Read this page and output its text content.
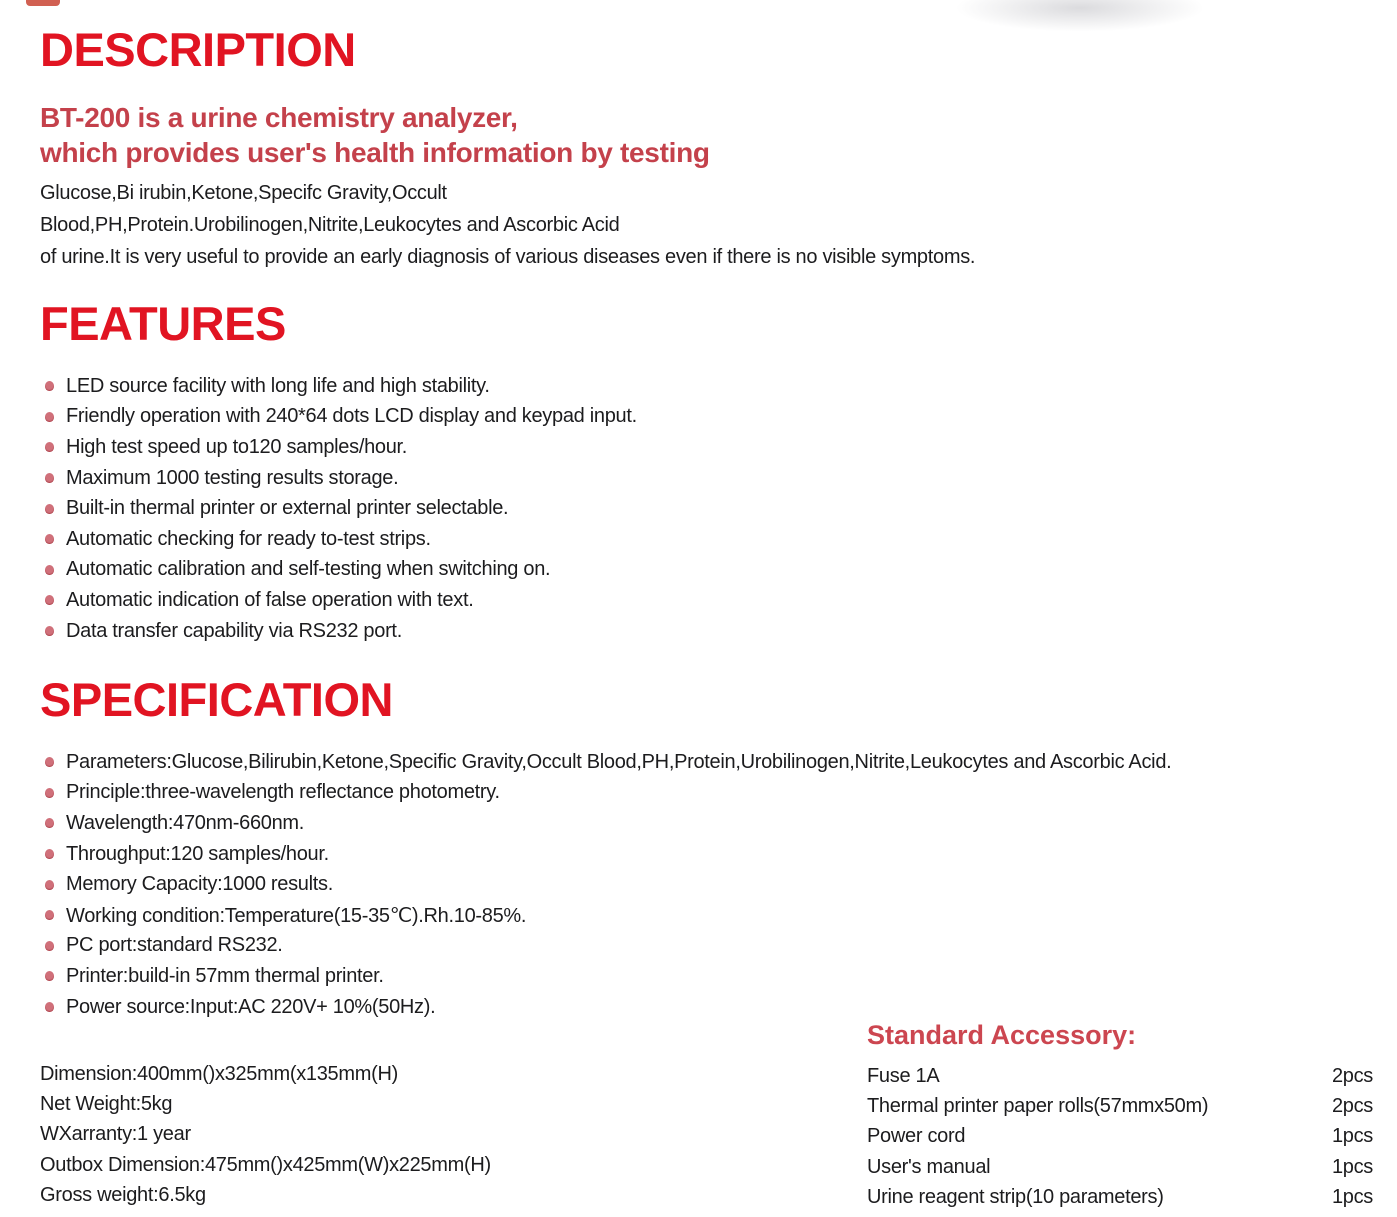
DESCRIPTION
BT-200 is a urine chemistry analyzer,
which provides user's health information by testing
Glucose,Bi irubin,Ketone,Specifc Gravity,Occult
Blood,PH,Protein.Urobilinogen,Nitrite,Leukocytes and Ascorbic Acid
of urine.It is very useful to provide an early diagnosis of various diseases even if there is no visible symptoms.
FEATURES
LED source facility with long life and high stability.
Friendly operation with 240*64 dots LCD display and keypad input.
High test speed up to120 samples/hour.
Maximum 1000 testing results storage.
Built-in thermal printer or external printer selectable.
Automatic checking for ready to-test strips.
Automatic calibration and self-testing when switching on.
Automatic indication of false operation with text.
Data transfer capability via RS232 port.
SPECIFICATION
Parameters:Glucose,Bilirubin,Ketone,Specific Gravity,Occult Blood,PH,Protein,Urobilinogen,Nitrite,Leukocytes and Ascorbic Acid.
Principle:three-wavelength reflectance photometry.
Wavelength:470nm-660nm.
Throughput:120 samples/hour.
Memory Capacity:1000 results.
Working condition:Temperature(15-35℃).Rh.10-85%.
PC port:standard RS232.
Printer:build-in 57mm thermal printer.
Power source:Input:AC 220V+ 10%(50Hz).
Dimension:400mm()x325mm(x135mm(H)
Net Weight:5kg
WXarranty:1 year
Outbox Dimension:475mm()x425mm(W)x225mm(H)
Gross weight:6.5kg
Standard Accessory:
Fuse 1A	2pcs
Thermal printer paper rolls(57mmx50m)	2pcs
Power cord	1pcs
User's manual	1pcs
Urine reagent strip(10 parameters)	1pcs
